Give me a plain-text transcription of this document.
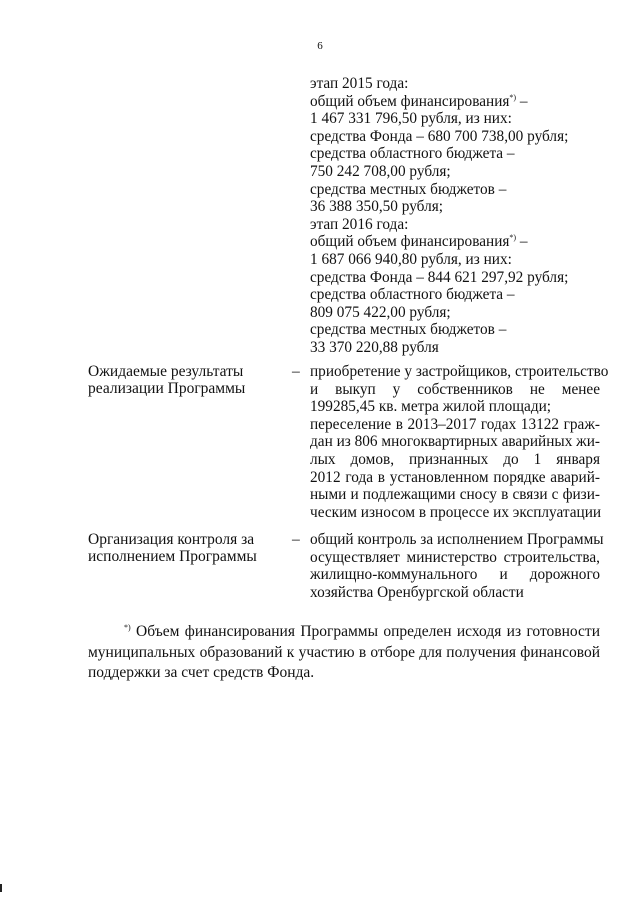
6
этап 2015 года:
общий объем финансирования*) –
1 467 331 796,50 рубля, из них:
средства Фонда – 680 700 738,00 рубля;
средства областного бюджета –
750 242 708,00 рубля;
средства местных бюджетов –
36 388 350,50 рубля;
этап 2016 года:
общий объем финансирования*) –
1 687 066 940,80 рубля, из них:
средства Фонда – 844 621 297,92 рубля;
средства областного бюджета –
809 075 422,00 рубля;
средства местных бюджетов –
33 370 220,88 рубля
Ожидаемые результаты
реализации Программы
– приобретение у застройщиков, строительство
и выкуп у собственников не менее
199285,45 кв. метра жилой площади;
переселение в 2013–2017 годах 13122 граж-
дан из 806 многоквартирных аварийных жи-
лых домов, признанных до 1 января
2012 года в установленном порядке аварий-
ными и подлежащими сносу в связи с физи-
ческим износом в процессе их эксплуатации
Организация контроля за
исполнением Программы
– общий контроль за исполнением Программы
осуществляет министерство строительства,
жилищно-коммунального и дорожного
хозяйства Оренбургской области
*) Объем финансирования Программы определен исходя из готовности
муниципальных образований к участию в отборе для получения финансовой
поддержки за счет средств Фонда.
